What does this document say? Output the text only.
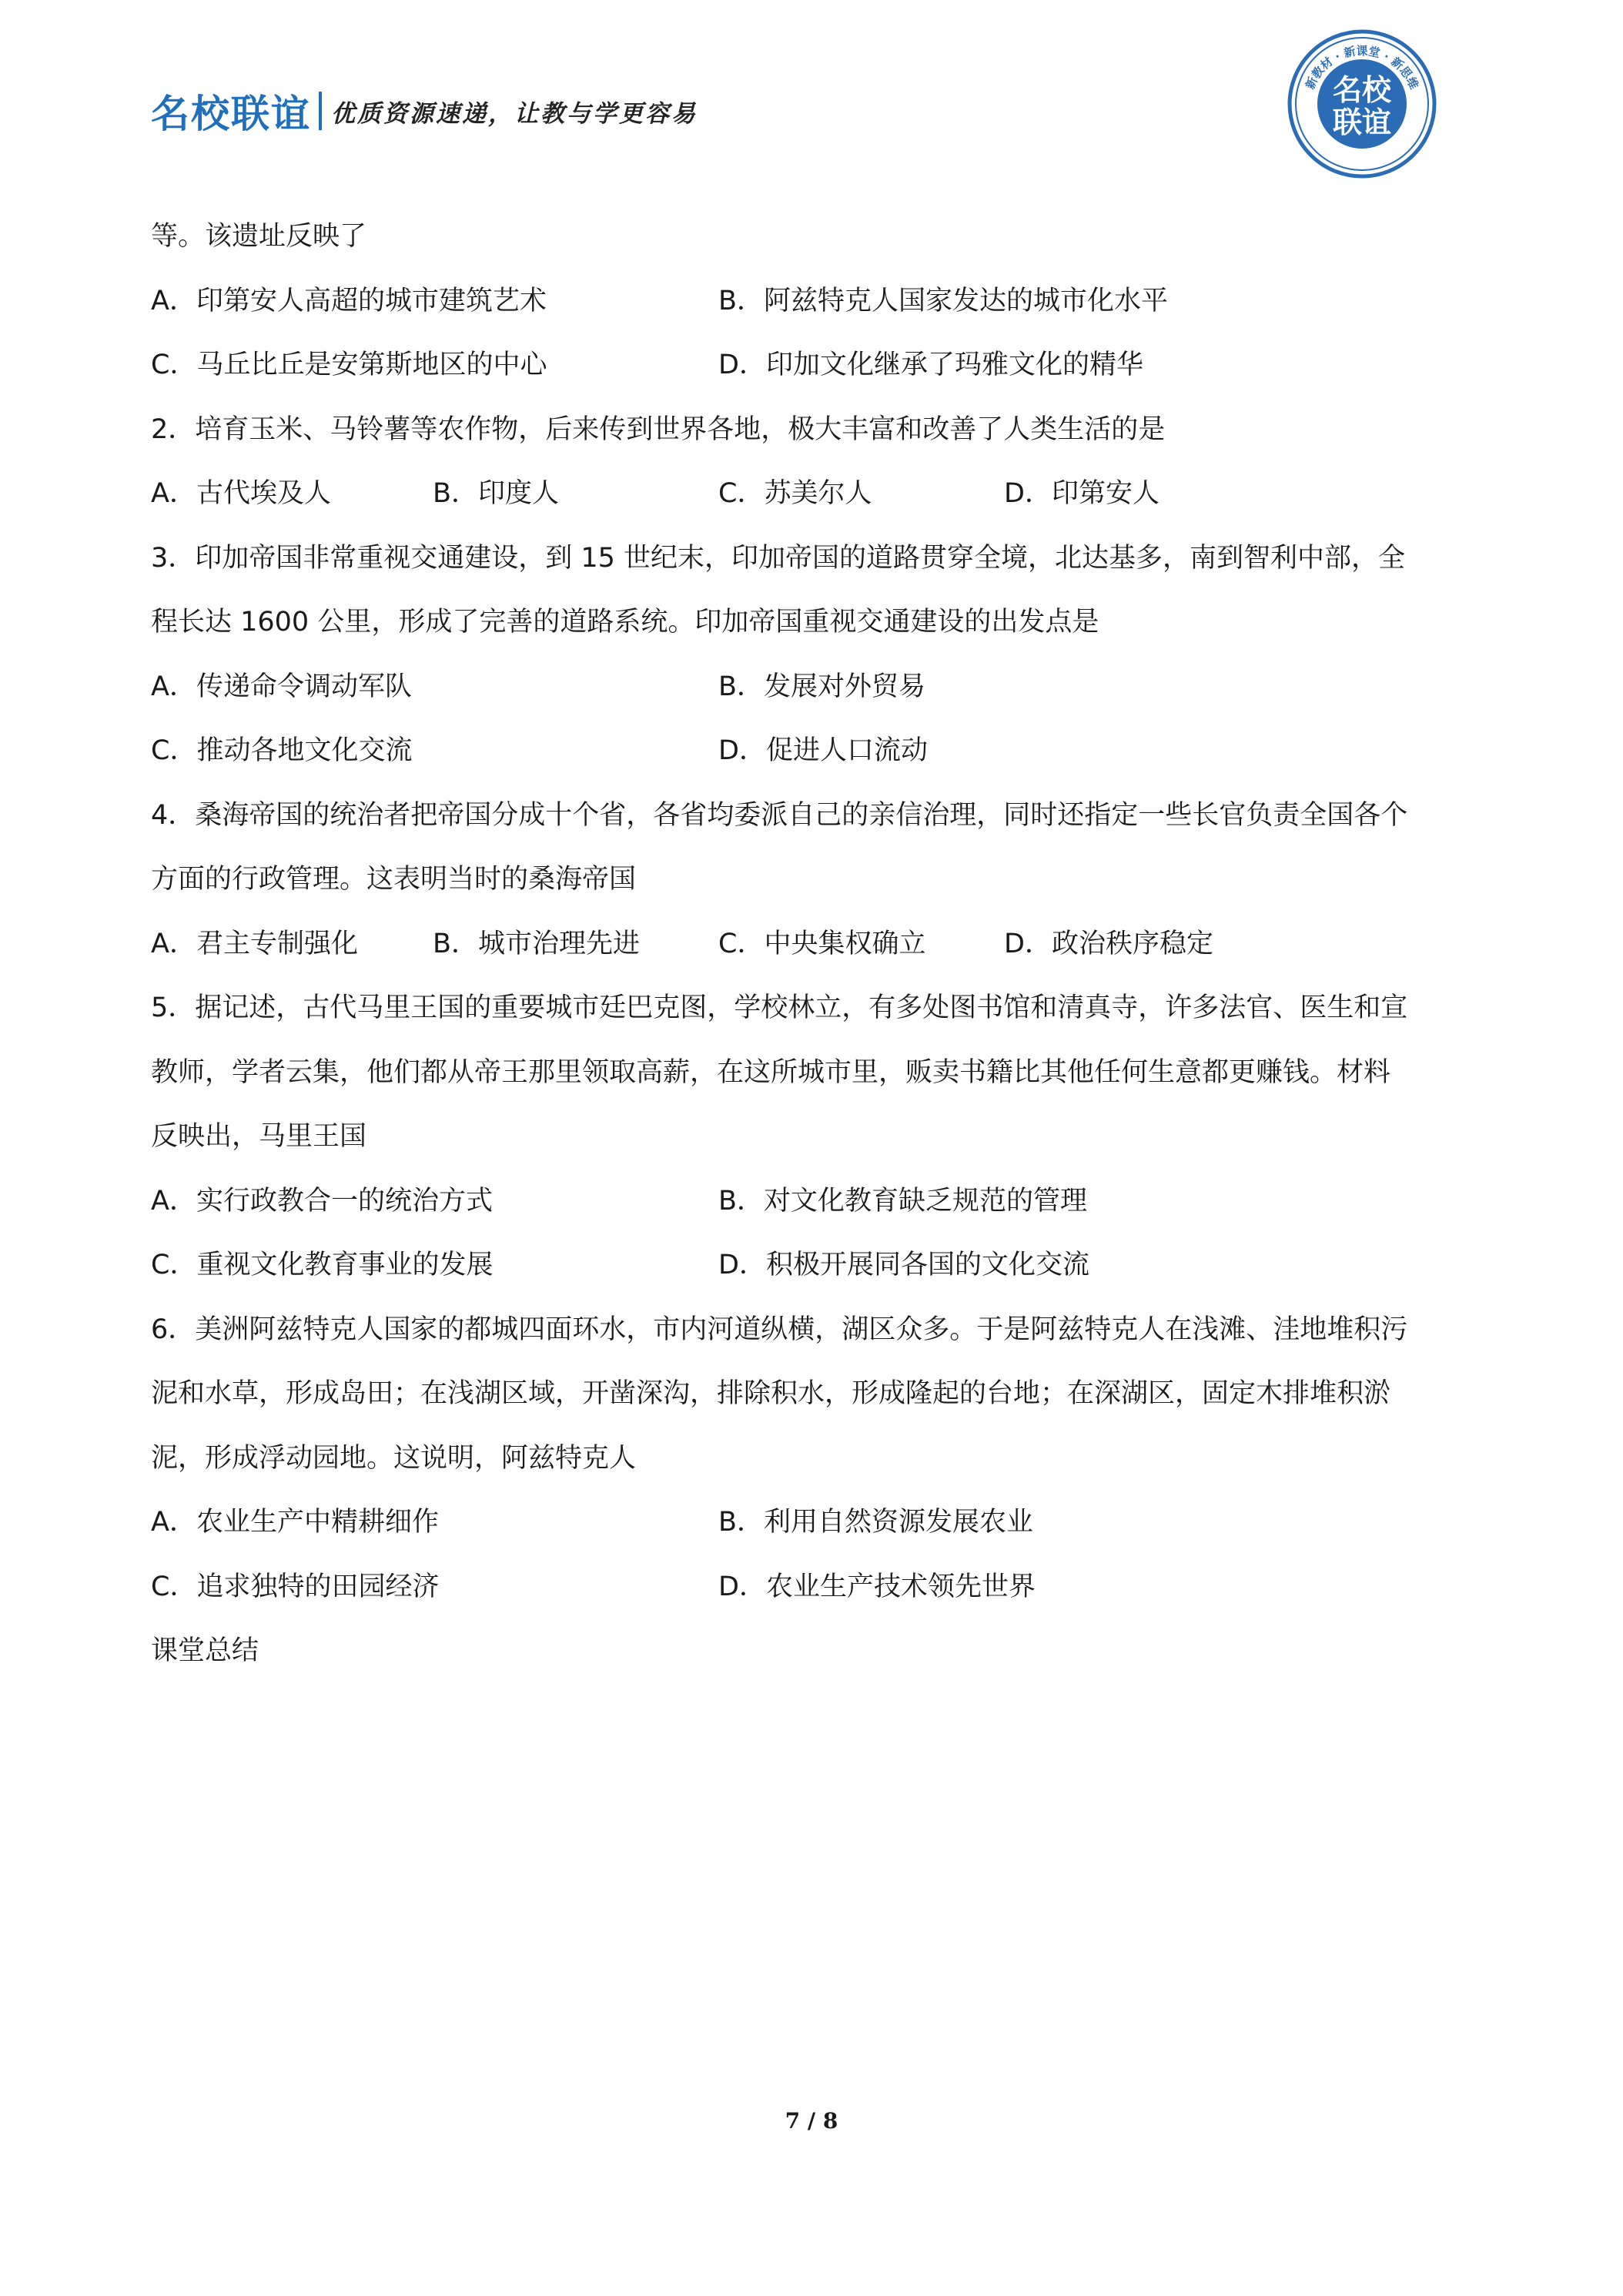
名校联谊 优质资源速递，让教与学更容易
新教材 · 新课堂 · 新思维
名校
联谊
等。该遗址反映了
A．印第安人高超的城市建筑艺术	B．阿兹特克人国家发达的城市化水平
C．马丘比丘是安第斯地区的中心	D．印加文化继承了玛雅文化的精华
2．培育玉米、马铃薯等农作物，后来传到世界各地，极大丰富和改善了人类生活的是
A．古代埃及人	B．印度人	C．苏美尔人	D．印第安人
3．印加帝国非常重视交通建设，到 15 世纪末，印加帝国的道路贯穿全境，北达基多，南到智利中部，全
程长达 1600 公里，形成了完善的道路系统。印加帝国重视交通建设的出发点是
A．传递命令调动军队	B．发展对外贸易
C．推动各地文化交流	D．促进人口流动
4．桑海帝国的统治者把帝国分成十个省，各省均委派自己的亲信治理，同时还指定一些长官负责全国各个
方面的行政管理。这表明当时的桑海帝国
A．君主专制强化	B．城市治理先进	C．中央集权确立	D．政治秩序稳定
5．据记述，古代马里王国的重要城市廷巴克图，学校林立，有多处图书馆和清真寺，许多法官、医生和宣
教师，学者云集，他们都从帝王那里领取高薪，在这所城市里，贩卖书籍比其他任何生意都更赚钱。材料
反映出，马里王国
A．实行政教合一的统治方式	B．对文化教育缺乏规范的管理
C．重视文化教育事业的发展	D．积极开展同各国的文化交流
6．美洲阿兹特克人国家的都城四面环水，市内河道纵横，湖区众多。于是阿兹特克人在浅滩、洼地堆积污
泥和水草，形成岛田；在浅湖区域，开凿深沟，排除积水，形成隆起的台地；在深湖区，固定木排堆积淤
泥，形成浮动园地。这说明，阿兹特克人
A．农业生产中精耕细作	B．利用自然资源发展农业
C．追求独特的田园经济	D．农业生产技术领先世界
课堂总结
7 / 8
